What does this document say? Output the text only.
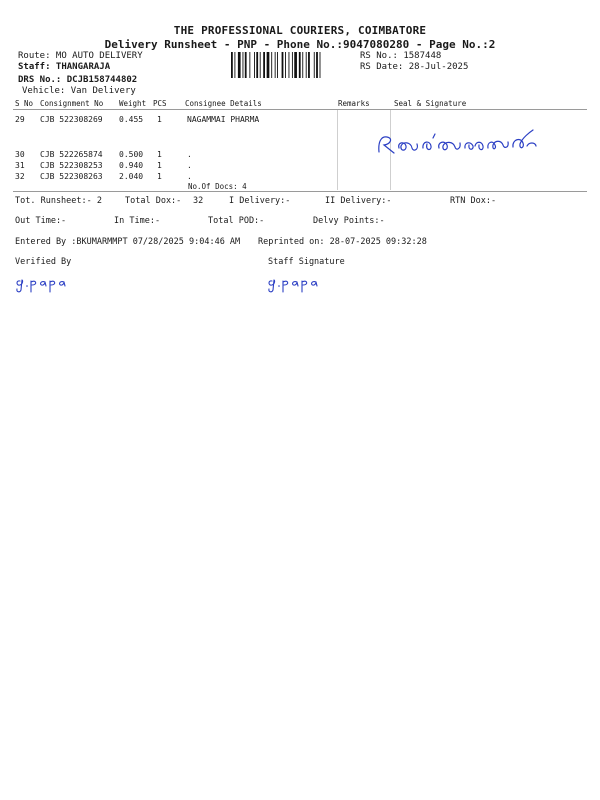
THE PROFESSIONAL COURIERS, COIMBATORE
Delivery Runsheet - PNP - Phone No.:9047080280 - Page No.:2
Route: MO AUTO DELIVERY
Staff: THANGARAJA
DRS No.: DCJB158744802
Vehicle: Van Delivery
RS No.: 1587448
RS Date: 28-Jul-2025
S No Consignment No Weight PCS Consignee Details	Remarks	Seal & Signature
29 CJB 522308269 0.455 1	NAGAMMAI PHARMA
30 CJB 522265874 0.500 1	.
31 CJB 522308253 0.940 1	.
32 CJB 522308263 2.040 1	.
No.Of Docs: 4
Tot. Runsheet:- 2	Total Dox:- 32	I Delivery:-	II Delivery:-	RTN Dox:-
Out Time:-	In Time:-	Total POD:-	Delvy Points:-
Entered By :BKUMARMMPT 07/28/2025 9:04:46 AM Reprinted on: 28-07-2025 09:32:28
Verified By	Staff Signature
